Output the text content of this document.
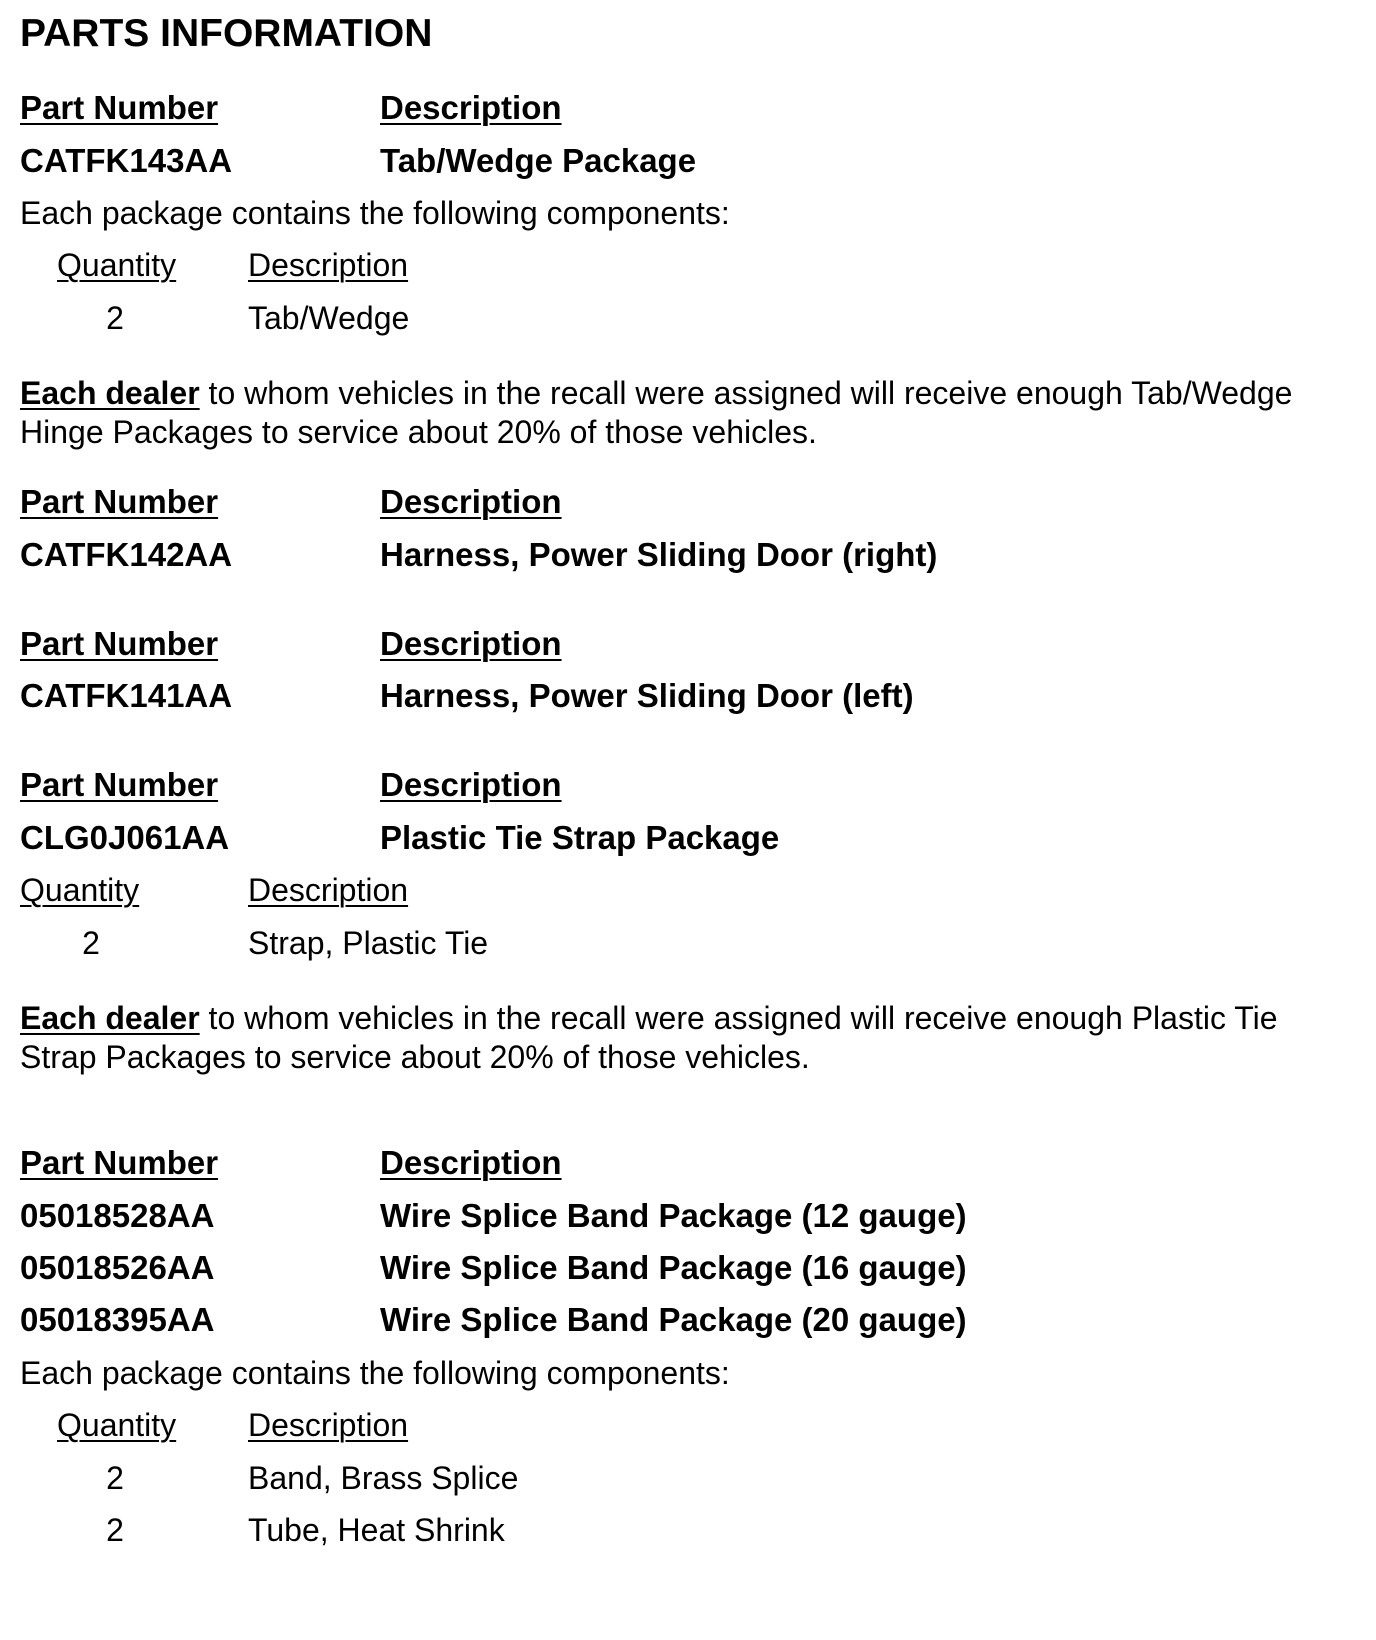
PARTS INFORMATION
Part Number	Description
CATFK143AA	Tab/Wedge Package
Each package contains the following components:
Quantity Description
2	Tab/Wedge

Each dealer to whom vehicles in the recall were assigned will receive enough Tab/Wedge Hinge Packages to service about 20% of those vehicles.

Part Number	Description
CATFK142AA	Harness, Power Sliding Door (right)
Part Number	Description
CATFK141AA	Harness, Power Sliding Door (left)
Part Number	Description
CLG0J061AA	Plastic Tie Strap Package
Quantity	Description
2	Strap, Plastic Tie

Each dealer to whom vehicles in the recall were assigned will receive enough Plastic Tie Strap Packages to service about 20% of those vehicles.

Part Number	Description
05018528AA	Wire Splice Band Package (12 gauge)
05018526AA	Wire Splice Band Package (16 gauge)
05018395AA	Wire Splice Band Package (20 gauge)
Each package contains the following components:
Quantity Description
2	Band, Brass Splice
2	Tube, Heat Shrink
